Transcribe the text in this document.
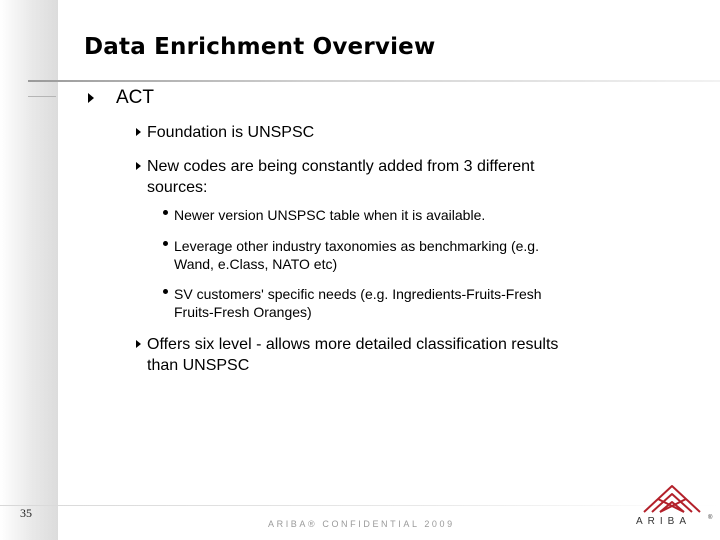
Data Enrichment Overview

ACT

Foundation is UNSPSC

New codes are being constantly added from 3 different
sources:

Newer version UNSPSC table when it is available.

Leverage other industry taxonomies as benchmarking (e.g.
Wand, e.Class, NATO etc)

SV customers' specific needs (e.g. Ingredients-Fruits-Fresh
Fruits-Fresh Oranges)

Offers six level - allows more detailed classification results
than UNSPSC

35
ARIBA® CONFIDENTIAL 2009	ARIBA	®
